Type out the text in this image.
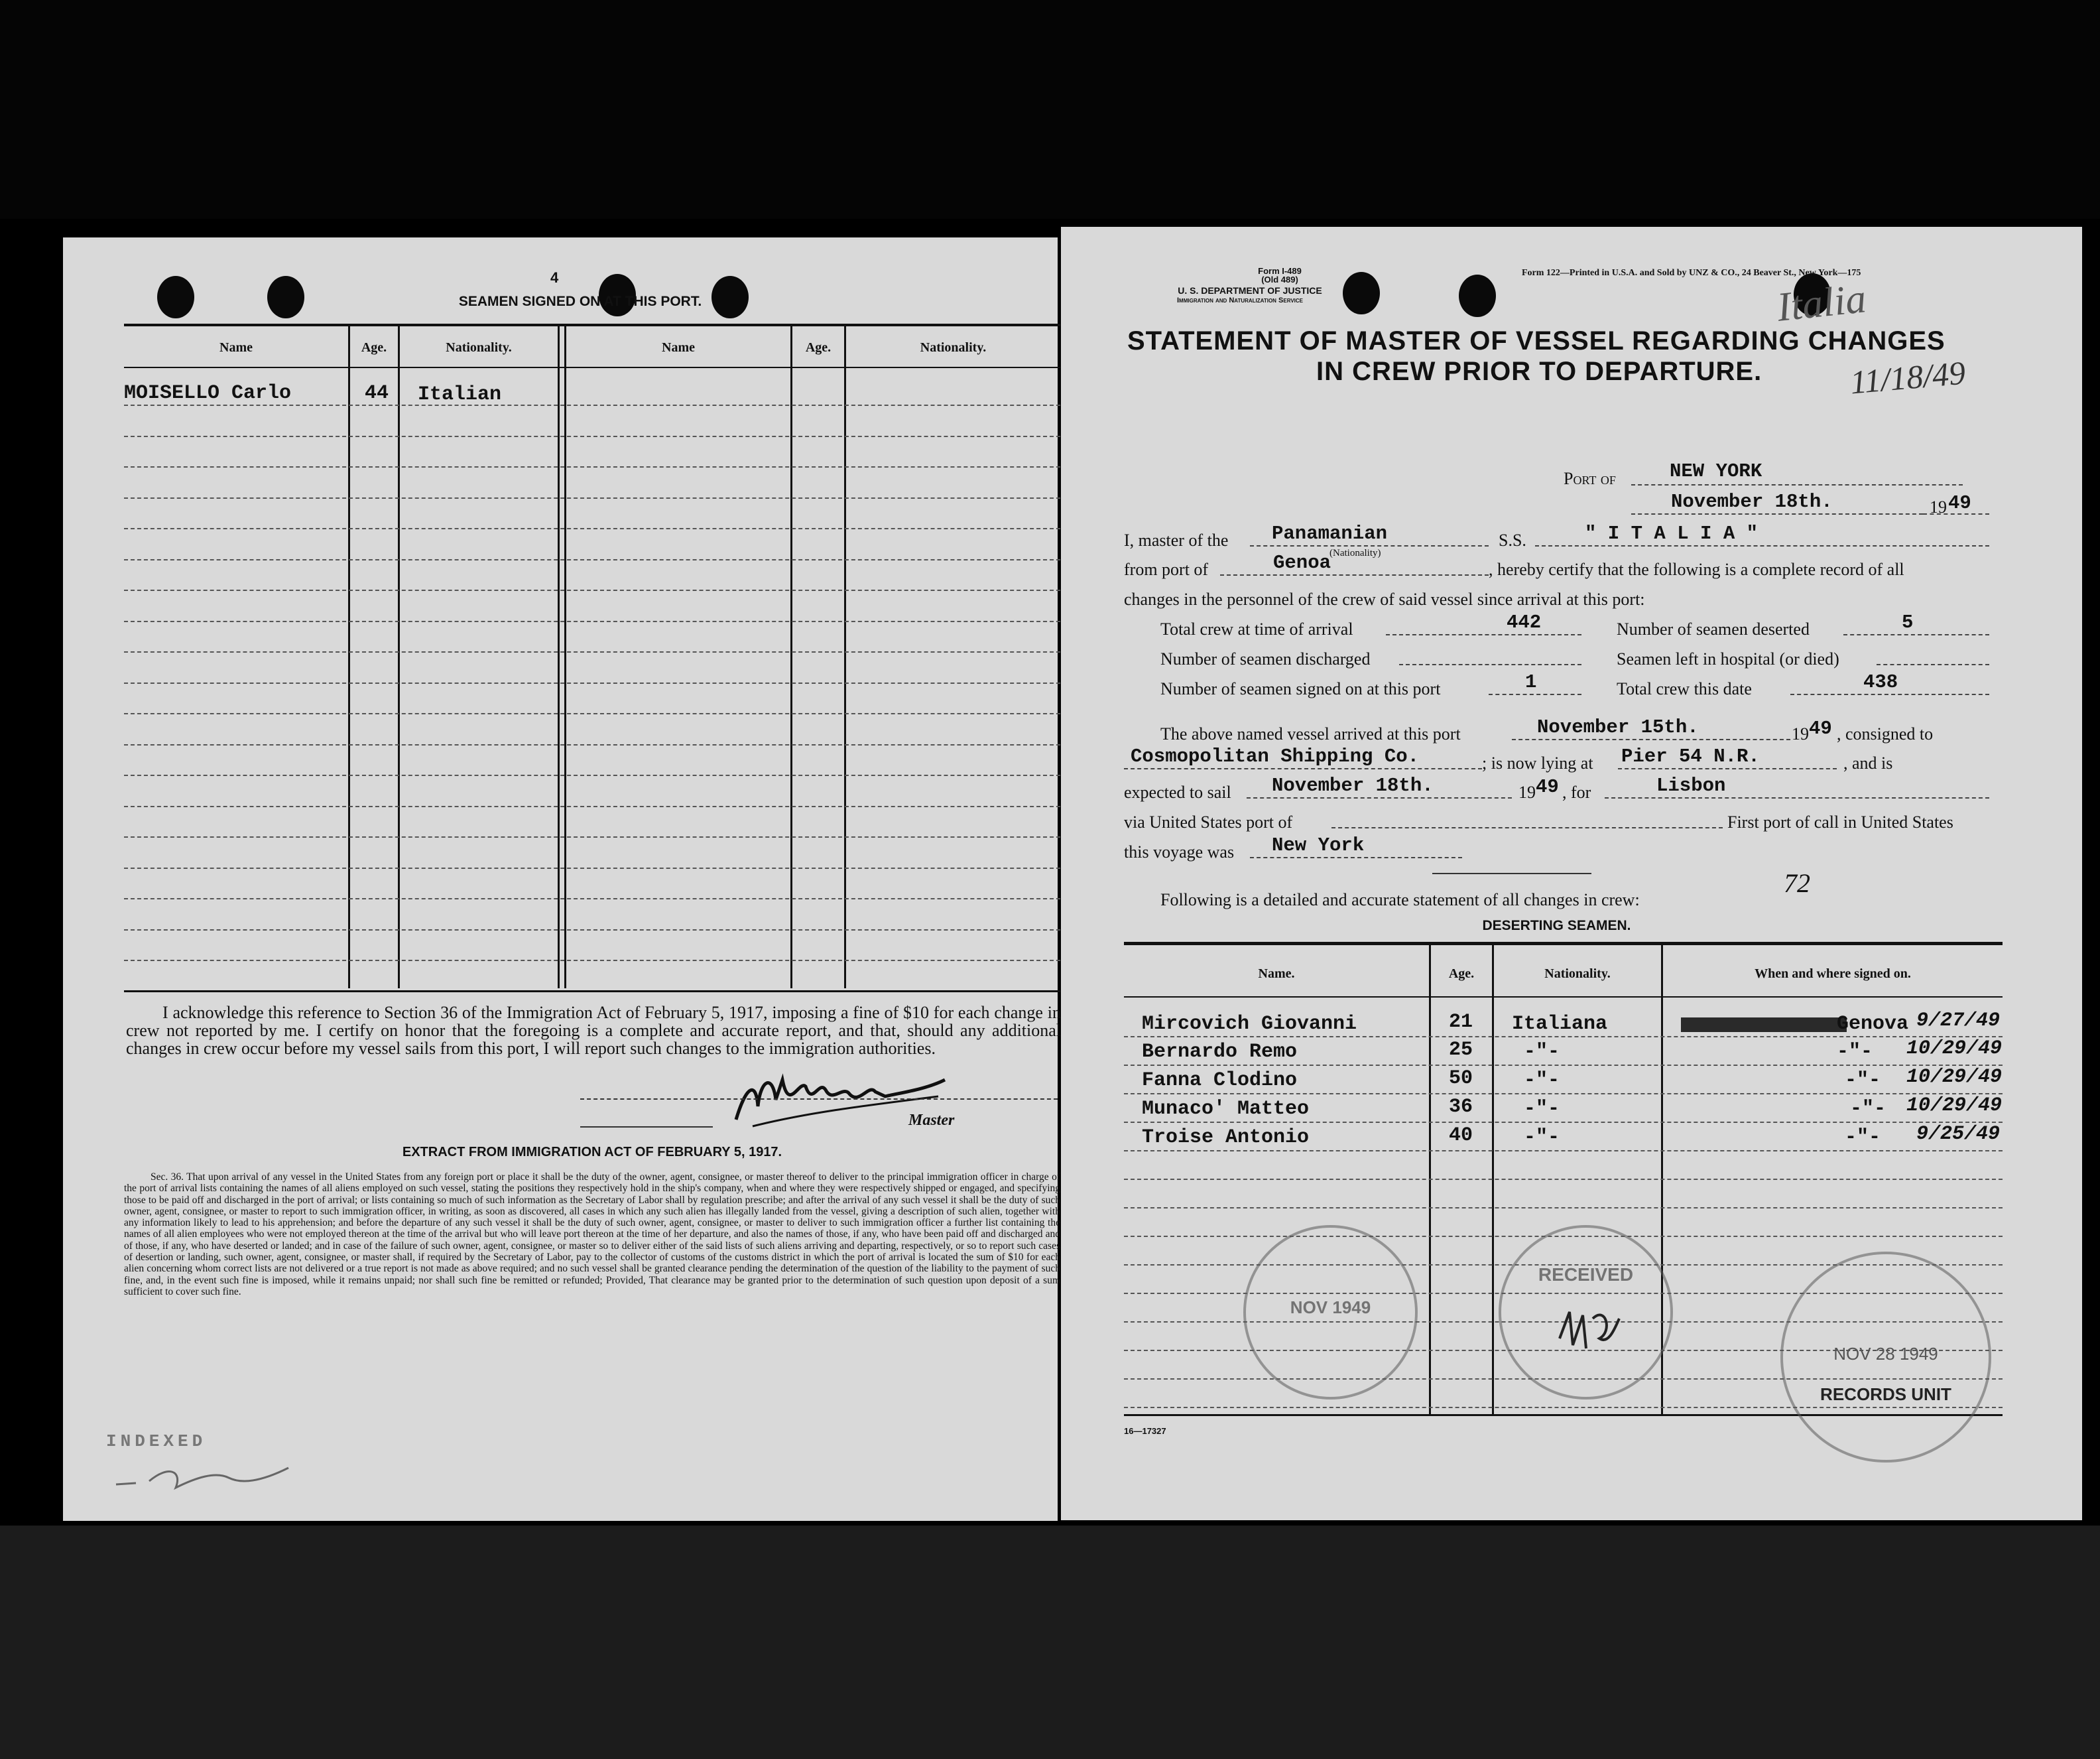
4
SEAMEN SIGNED ON AT THIS PORT.
Name	Age.	Nationality.	Name	Age.	Nationality.
MOISELLO Carlo	44 Italian
I acknowledge this reference to Section 36 of the Immigration Act of February 5, 1917, imposing a fine of $10 for each change in crew not reported by me. I certify on honor that the foregoing is a complete and accurate report, and that, should any additional changes in crew occur before my vessel sails from this port, I will report such changes to the immigration authorities.
Master
EXTRACT FROM IMMIGRATION ACT OF FEBRUARY 5, 1917.
Sec. 36. That upon arrival of any vessel in the United States from any foreign port or place it shall be the duty of the owner, agent, consignee, or master thereof to deliver to the principal immigration officer in charge of the port of arrival lists containing the names of all aliens employed on such vessel, stating the positions they respectively hold in the ship's company, when and where they were respectively shipped or engaged, and specifying those to be paid off and discharged in the port of arrival; or lists containing so much of such information as the Secretary of Labor shall by regulation prescribe; and after the arrival of any such vessel it shall be the duty of such owner, agent, consignee, or master to report to such immigration officer, in writing, as soon as discovered, all cases in which any such alien has illegally landed from the vessel, giving a description of such alien, together with any information likely to lead to his apprehension; and before the departure of any such vessel it shall be the duty of such owner, agent, consignee, or master to deliver to such immigration officer a further list containing the names of all alien employees who were not employed thereon at the time of the arrival but who will leave port thereon at the time of her departure, and also the names of those, if any, who have been paid off and discharged and of those, if any, who have deserted or landed; and in case of the failure of such owner, agent, consignee, or master so to deliver either of the said lists of such aliens arriving and departing, respectively, or so to report such cases of desertion or landing, such owner, agent, consignee, or master shall, if required by the Secretary of Labor, pay to the collector of customs of the customs district in which the port of arrival is located the sum of $10 for each alien concerning whom correct lists are not delivered or a true report is not made as above required; and no such vessel shall be granted clearance pending the determination of the question of the liability to the payment of such fine, and, in the event such fine is imposed, while it remains unpaid; nor shall such fine be remitted or refunded; Provided, That clearance may be granted prior to the determination of such question upon deposit of a sum sufficient to cover such fine.
INDEXED
Form I-489
(Old 489)
U. S. DEPARTMENT OF JUSTICE
Immigration and Naturalization Service
Form 122—Printed in U.S.A. and Sold by UNZ & CO., 24 Beaver St., New York—175
Italia
11/18/49
STATEMENT OF MASTER OF VESSEL REGARDING CHANGES
IN CREW PRIOR TO DEPARTURE.
Port of	NEW YORK
November 18th.	19 49
I, master of the Panamanian
(Nationality)
S.S.	" I T A L I A "
from port of	Genoa	, hereby certify that the following is a complete record of all
changes in the personnel of the crew of said vessel since arrival at this port:
Total crew at time of arrival	442	Number of seamen deserted	5
Number of seamen discharged	Seamen left in hospital (or died)
Number of seamen signed on at this port	1	Total crew this date	438
The above named vessel arrived at this port	November 15th.	19 49 , consigned to
Cosmopolitan Shipping Co.	; is now lying at Pier 54 N.R.	, and is
expected to sail November 18th.	19 49 , for	Lisbon
via United States port of	First port of call in United States
this voyage was New York
72
Following is a detailed and accurate statement of all changes in crew:
DESERTING SEAMEN.
Name.	Age.	Nationality.	When and where signed on.
Mircovich Giovanni	21 Italiana	Genova 9/27/49
Bernardo Remo	25	-"-	-"- 10/29/49
Fanna Clodino	50	-"-	-"- 10/29/49
Munaco' Matteo	36	-"-	-"- 10/29/49
Troise Antonio	40	-"-	-"- 9/25/49
NOV 1949
RECEIVED
NOV 28 1949
RECORDS UNIT
16—17327
